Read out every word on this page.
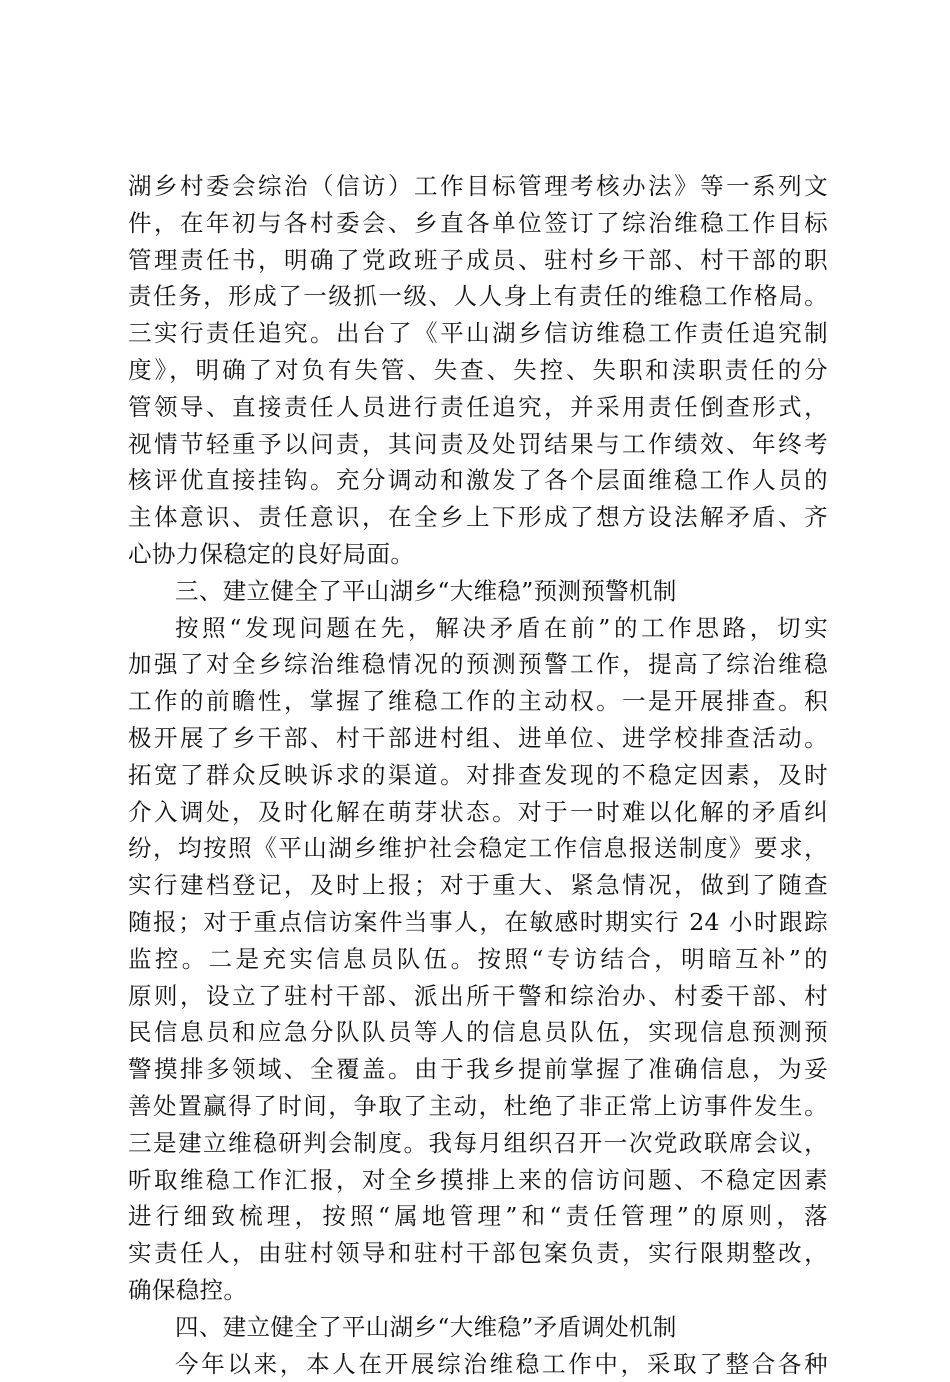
湖乡村委会综治（信访）工作目标管理考核办法》等一系列文
件，在年初与各村委会、乡直各单位签订了综治维稳工作目标
管理责任书，明确了党政班子成员、驻村乡干部、村干部的职
责任务，形成了一级抓一级、人人身上有责任的维稳工作格局。
三实行责任追究。出台了《平山湖乡信访维稳工作责任追究制
度》，明确了对负有失管、失查、失控、失职和渎职责任的分
管领导、直接责任人员进行责任追究，并采用责任倒查形式，
视情节轻重予以问责，其问责及处罚结果与工作绩效、年终考
核评优直接挂钩。充分调动和激发了各个层面维稳工作人员的
主体意识、责任意识，在全乡上下形成了想方设法解矛盾、齐
心协力保稳定的良好局面。
三、建立健全了平山湖乡“大维稳”预测预警机制
按照“发现问题在先，解决矛盾在前”的工作思路，切实
加强了对全乡综治维稳情况的预测预警工作，提高了综治维稳
工作的前瞻性，掌握了维稳工作的主动权。一是开展排查。积
极开展了乡干部、村干部进村组、进单位、进学校排查活动。
拓宽了群众反映诉求的渠道。对排查发现的不稳定因素，及时
介入调处，及时化解在萌芽状态。对于一时难以化解的矛盾纠
纷，均按照《平山湖乡维护社会稳定工作信息报送制度》要求，
实行建档登记，及时上报；对于重大、紧急情况，做到了随查
随报；对于重点信访案件当事人，在敏感时期实行 24 小时跟踪
监控。二是充实信息员队伍。按照“专访结合，明暗互补”的
原则，设立了驻村干部、派出所干警和综治办、村委干部、村
民信息员和应急分队队员等人的信息员队伍，实现信息预测预
警摸排多领域、全覆盖。由于我乡提前掌握了准确信息，为妥
善处置赢得了时间，争取了主动，杜绝了非正常上访事件发生。
三是建立维稳研判会制度。我每月组织召开一次党政联席会议，
听取维稳工作汇报，对全乡摸排上来的信访问题、不稳定因素
进行细致梳理，按照“属地管理”和“责任管理”的原则，落
实责任人，由驻村领导和驻村干部包案负责，实行限期整改，
确保稳控。
四、建立健全了平山湖乡“大维稳”矛盾调处机制
今年以来，本人在开展综治维稳工作中，采取了整合各种
